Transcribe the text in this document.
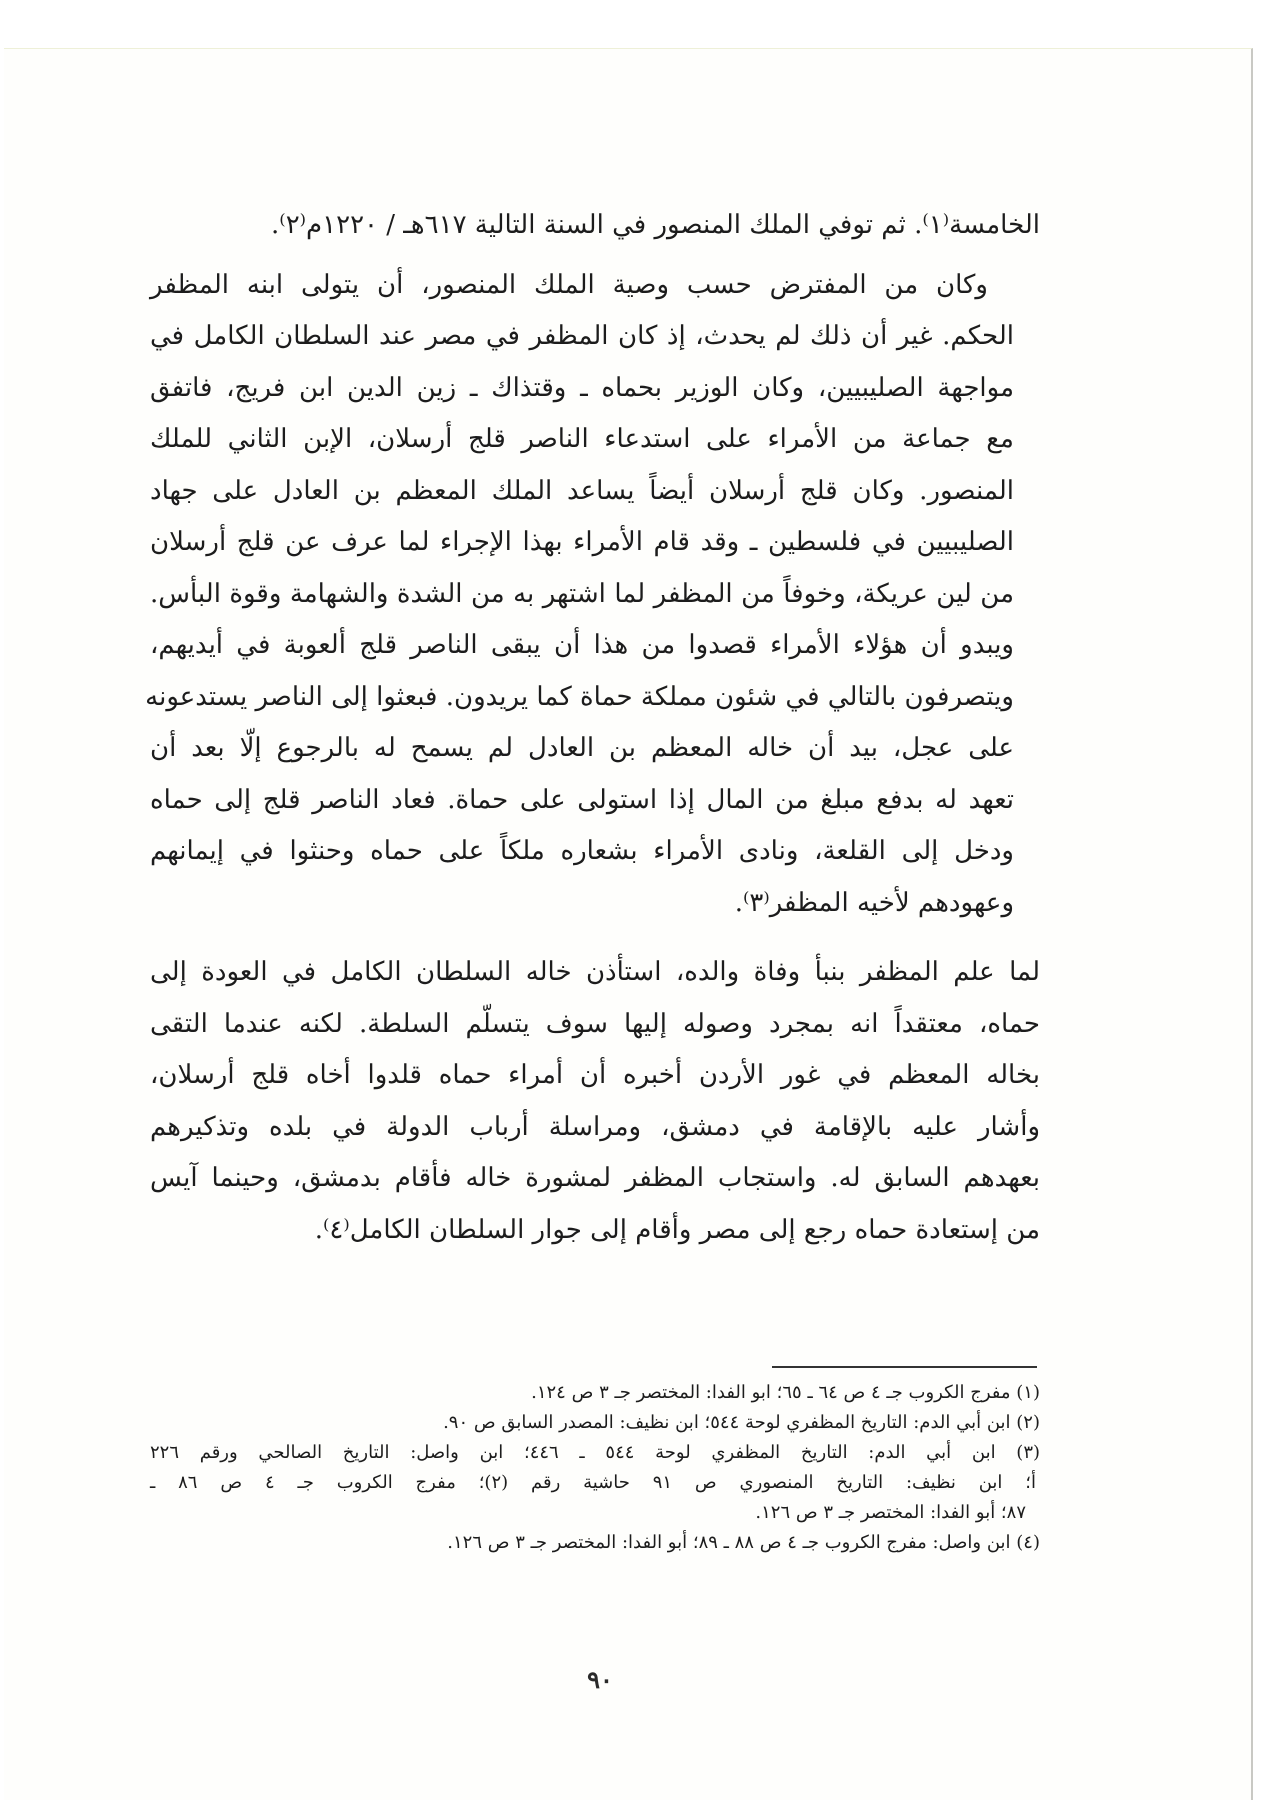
الخامسة⁽١⁾. ثم توفي الملك المنصور في السنة التالية ٦١٧هـ / ١٢٢٠م⁽٢⁾.

وكان من المفترض حسب وصية الملك المنصور، أن يتولى ابنه المظفر
الحكم. غير أن ذلك لم يحدث، إذ كان المظفر في مصر عند السلطان الكامل في
مواجهة الصليبيين، وكان الوزير بحماه ـ وقتذاك ـ زين الدين ابن فريج، فاتفق
مع جماعة من الأمراء على استدعاء الناصر قلج أرسلان، الإبن الثاني للملك
المنصور. وكان قلج أرسلان أيضاً يساعد الملك المعظم بن العادل على جهاد
الصليبيين في فلسطين ـ وقد قام الأمراء بهذا الإجراء لما عرف عن قلج أرسلان
من لين عريكة، وخوفاً من المظفر لما اشتهر به من الشدة والشهامة وقوة البأس.
ويبدو أن هؤلاء الأمراء قصدوا من هذا أن يبقى الناصر قلج ألعوبة في أيديهم،
ويتصرفون بالتالي في شئون مملكة حماة كما يريدون. فبعثوا إلى الناصر يستدعونه
على عجل، بيد أن خاله المعظم بن العادل لم يسمح له بالرجوع إلّا بعد أن
تعهد له بدفع مبلغ من المال إذا استولى على حماة. فعاد الناصر قلج إلى حماه
ودخل إلى القلعة، ونادى الأمراء بشعاره ملكاً على حماه وحنثوا في إيمانهم
وعهودهم لأخيه المظفر⁽٣⁾.

لما علم المظفر بنبأ وفاة والده، استأذن خاله السلطان الكامل في العودة إلى
حماه، معتقداً انه بمجرد وصوله إليها سوف يتسلّم السلطة. لكنه عندما التقى
بخاله المعظم في غور الأردن أخبره أن أمراء حماه قلدوا أخاه قلج أرسلان،
وأشار عليه بالإقامة في دمشق، ومراسلة أرباب الدولة في بلده وتذكيرهم
بعهدهم السابق له. واستجاب المظفر لمشورة خاله فأقام بدمشق، وحينما آيس
من إستعادة حماه رجع إلى مصر وأقام إلى جوار السلطان الكامل⁽٤⁾.

(١) مفرج الكروب جـ ٤ ص ٦٤ ـ ٦٥؛ ابو الفدا: المختصر جـ ٣ ص ١٢٤.

(٢) ابن أبي الدم: التاريخ المظفري لوحة ٥٤٤؛ ابن نظيف: المصدر السابق ص ٩٠.

(٣) ابن أبي الدم: التاريخ المظفري لوحة ٥٤٤ ـ ٤٤٦؛ ابن واصل: التاريخ الصالحي ورقم ٢٢٦
أ؛ ابن نظيف: التاريخ المنصوري ص ٩١ حاشية رقم (٢)؛ مفرج الكروب جـ ٤ ص ٨٦ ـ
٨٧؛ أبو الفدا: المختصر جـ ٣ ص ١٢٦.

(٤) ابن واصل: مفرج الكروب جـ ٤ ص ٨٨ ـ ٨٩؛ أبو الفدا: المختصر جـ ٣ ص ١٢٦.

٩٠
